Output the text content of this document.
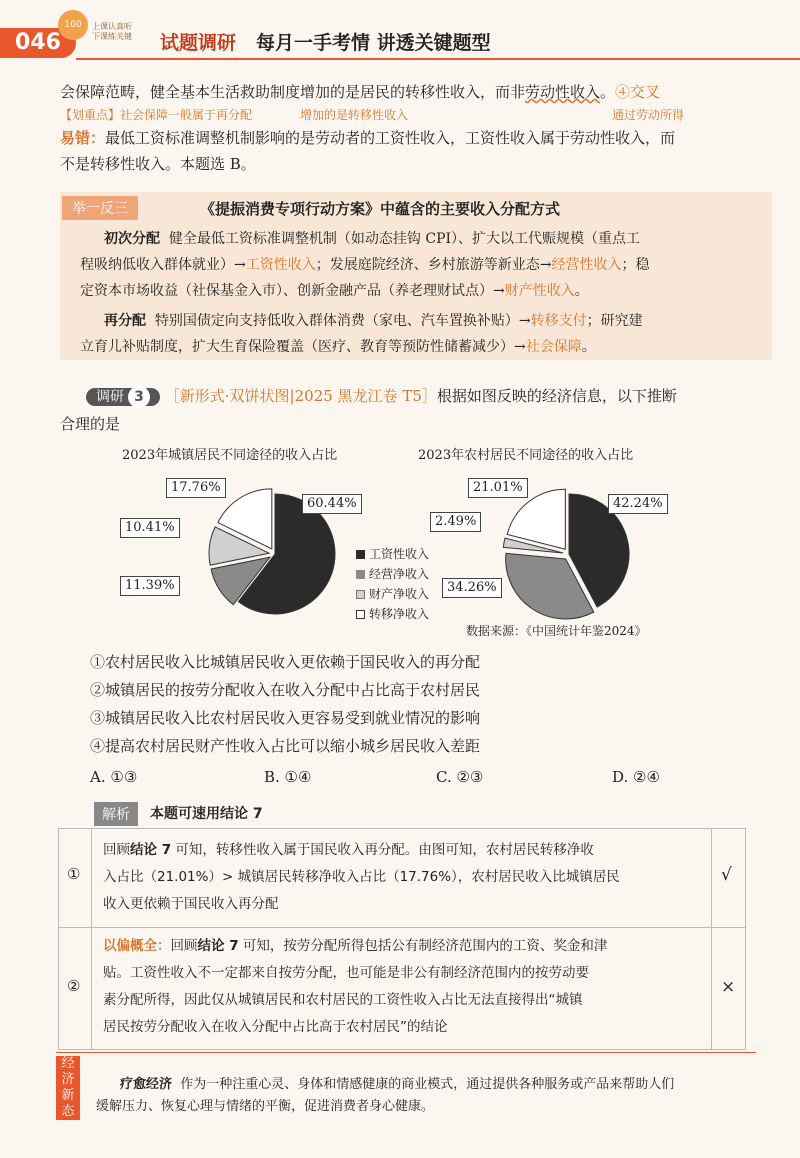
046
100	上课认真听
下课练关键 试题调研 每月一手考情 讲透关键题型
会保障范畴，健全基本生活救助制度增加的是居民的转移性收入，而非劳动性收入。④交叉
【划重点】社会保障一般属于再分配	增加的是转移性收入	通过劳动所得
易错：最低工资标准调整机制影响的是劳动者的工资性收入，工资性收入属于劳动性收入，而
不是转移性收入。本题选 B。
举一反三	《提振消费专项行动方案》中蕴含的主要收入分配方式
初次分配 健全最低工资标准调整机制（如动态挂钩 CPI）、扩大以工代赈规模（重点工
程吸纳低收入群体就业）→工资性收入；发展庭院经济、乡村旅游等新业态→经营性收入；稳
定资本市场收益（社保基金入市）、创新金融产品（养老理财试点）→财产性收入。
再分配 特别国债定向支持低收入群体消费（家电、汽车置换补贴）→转移支付；研究建
立育儿补贴制度，扩大生育保险覆盖（医疗、教育等预防性储蓄减少）→社会保障。
调研 3 ［新形式·双饼状图|2025 黑龙江卷 T5］根据如图反映的经济信息，以下推断
合理的是
2023年城镇居民不同途径的收入占比	2023年农村居民不同途径的收入占比
17.76%
10.41%
11.39%
60.44%
21.01%
2.49%
34.26%
42.24%
工资性收入
经营净收入
财产净收入
转移净收入
数据来源：《中国统计年鉴2024》
①农村居民收入比城镇居民收入更依赖于国民收入的再分配
②城镇居民的按劳分配收入在收入分配中占比高于农村居民
③城镇居民收入比农村居民收入更容易受到就业情况的影响
④提高农村居民财产性收入占比可以缩小城乡居民收入差距
A. ①③	B. ①④	C. ②③	D. ②④
解析	本题可速用结论 7
①
回顾结论 7 可知，转移性收入属于国民收入再分配。由图可知，农村居民转移净收
入占比（21.01%）> 城镇居民转移净收入占比（17.76%），农村居民收入比城镇居民
收入更依赖于国民收入再分配
√
②
以偏概全：回顾结论 7 可知，按劳分配所得包括公有制经济范围内的工资、奖金和津
贴。工资性收入不一定都来自按劳分配，也可能是非公有制经济范围内的按劳动要
素分配所得，因此仅从城镇居民和农村居民的工资性收入占比无法直接得出“城镇
居民按劳分配收入在收入分配中占比高于农村居民”的结论
×
经济新态
疗愈经济 作为一种注重心灵、身体和情感健康的商业模式，通过提供各种服务或产品来帮助人们
缓解压力、恢复心理与情绪的平衡，促进消费者身心健康。
